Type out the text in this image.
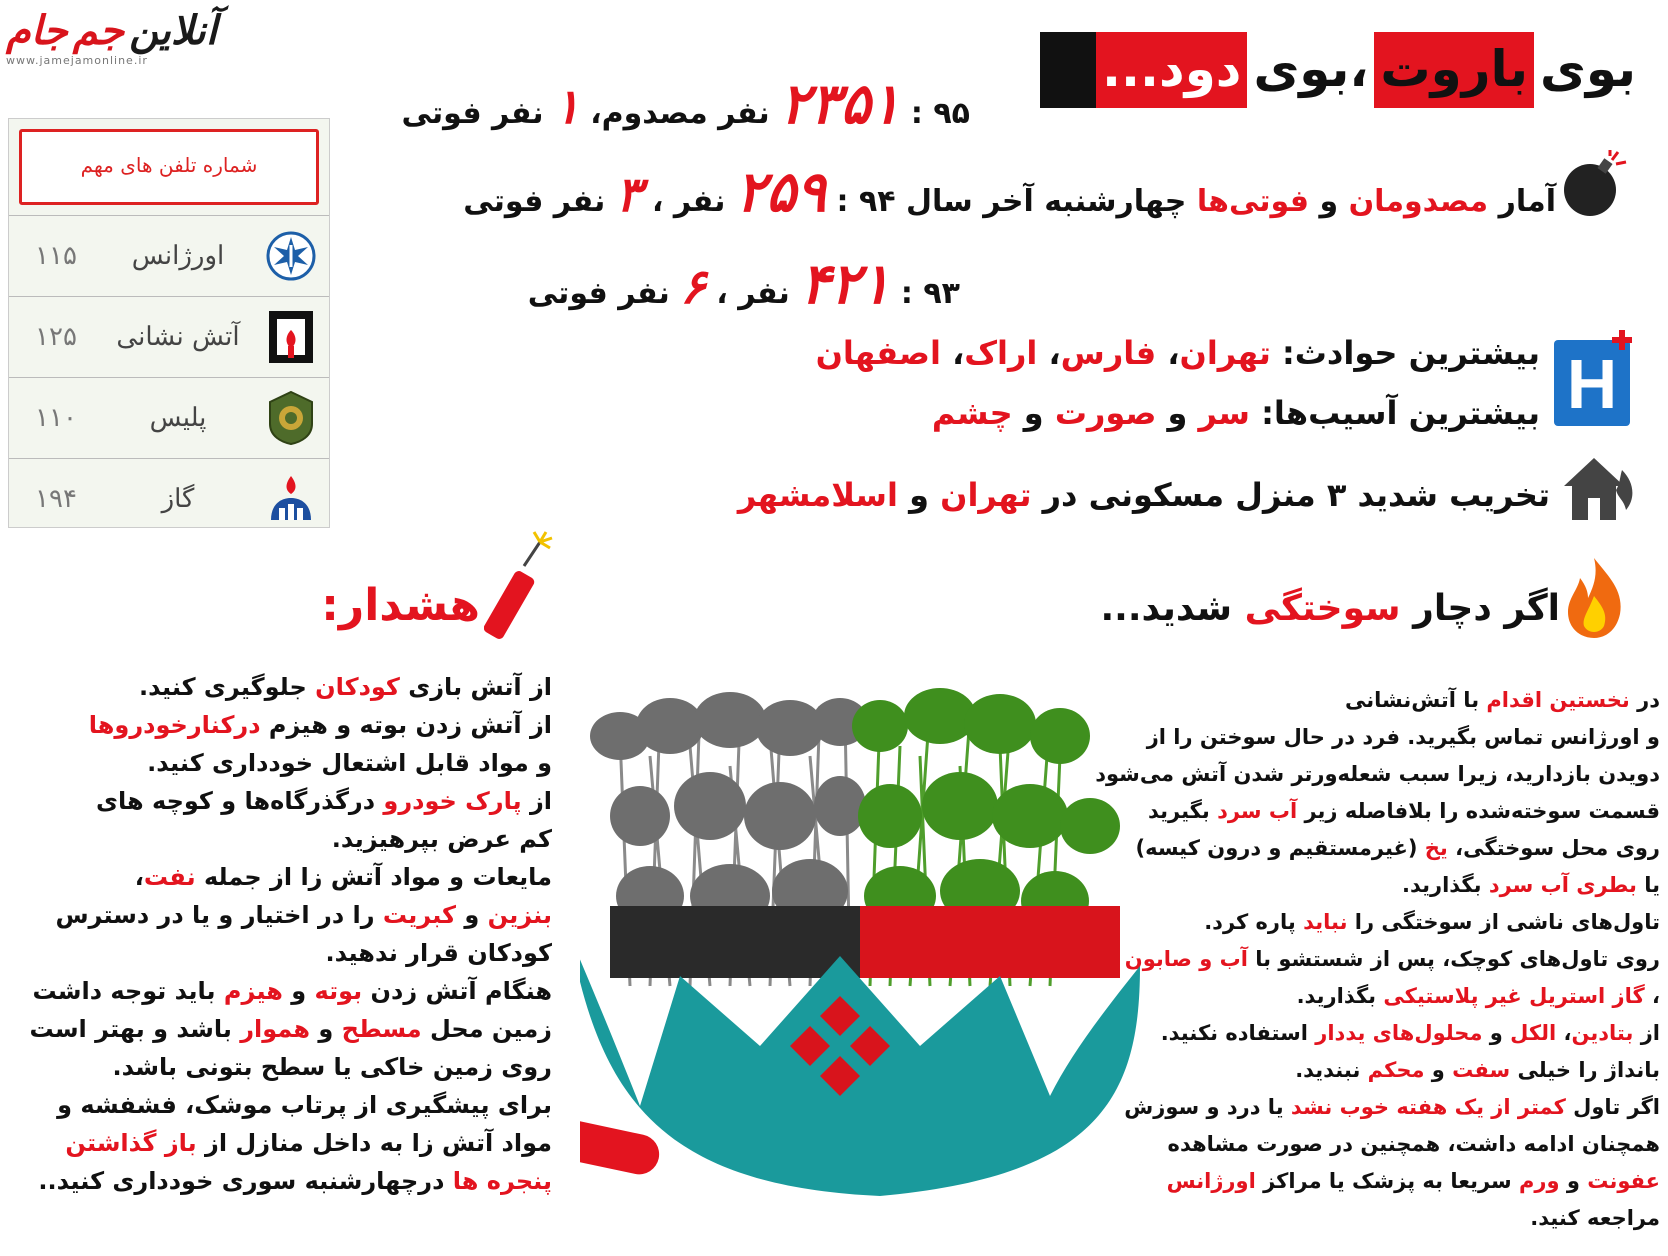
آنلاین جم جام
www.jamejamonline.ir	بویباروت،بویدود...
شماره تلفن های مهم
اورژانس
۱۱۵
آتش نشانی
۱۲۵
پلیس
۱۱۰
گاز
۱۹۴
۹۵ : ۲۳۵۱ نفر مصدوم، ۱ نفر فوتی
آمار مصدومان و فوتی‌ها چهارشنبه آخر سال ۹۴ : ۲۵۹ نفر ، ۳ نفر فوتی
۹۳ : ۴۲۱ نفر ، ۶ نفر فوتی
H
بیشترین حوادث: تهران، فارس، اراک، اصفهان
بیشترین آسیب‌ها: سر و صورت و چشم
تخریب شدید ۳ منزل مسکونی در تهران و اسلامشهر
اگر دچار سوختگی شدید...
در نخستین اقدام با آتش‌نشانی
و اورژانس تماس بگیرید. فرد در حال سوختن را از
دویدن بازدارید، زیرا سبب شعله‌ورتر شدن آتش می‌شود
قسمت سوخته‌شده را بلافاصله زیر آب سرد بگیرید
روی محل سوختگی، یخ (غیرمستقیم و درون کیسه)
یا بطری آب سرد بگذارید.
تاول‌های ناشی از سوختگی را نباید پاره کرد.
روی تاول‌های کوچک، پس از شستشو با آب و صابون
، گاز استریل غیر پلاستیکی بگذارید.
از بتادین، الکل و محلول‌های یددار استفاده نکنید.
بانداژ را خیلی سفت و محکم نبندید.
اگر تاول کمتر از یک هفته خوب نشد یا درد و سوزش
همچنان ادامه داشت، همچنین در صورت مشاهده
عفونت و ورم سریعا به پزشک یا مراکز اورژانس
مراجعه کنید.
هشدار:
از آتش بازی کودکان جلوگیری کنید.
از آتش زدن بوته و هیزم درکنارخودروها
و مواد قابل اشتعال خودداری کنید.
از پارک خودرو درگذرگاه‌ها و کوچه های
کم عرض بپرهیزید.
مایعات و مواد آتش زا از جمله نفت،
بنزین و کبریت را در اختیار و یا در دسترس
کودکان قرار ندهید.
هنگام آتش زدن بوته و هیزم باید توجه داشت
زمین محل مسطح و هموار باشد و بهتر است
روی زمین خاکی یا سطح بتونی باشد.
برای پیشگیری از پرتاب موشک، فشفشه و
مواد آتش زا به داخل منازل از باز گذاشتن
پنجره ها درچهارشنبه سوری خودداری کنید..
